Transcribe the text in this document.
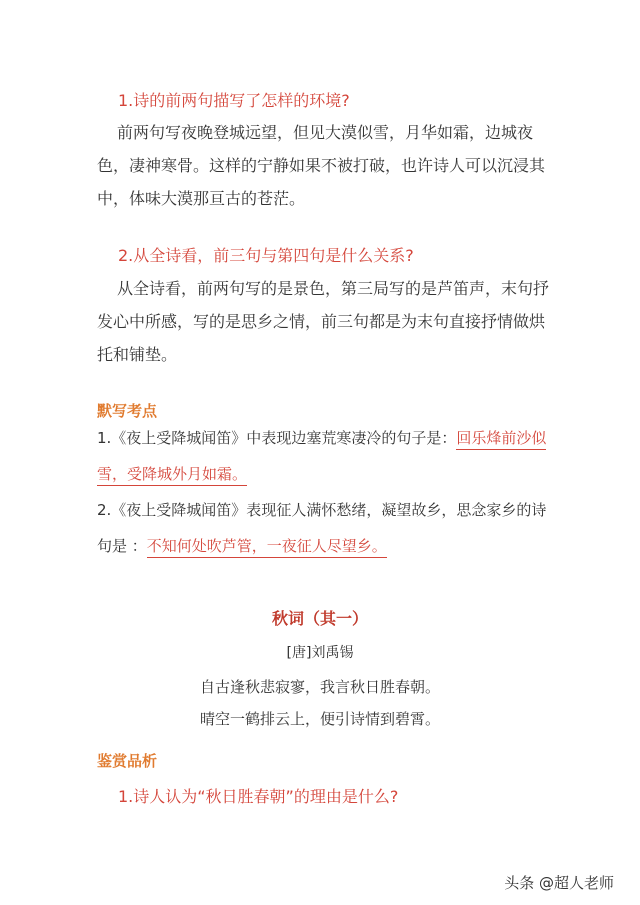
1.诗的前两句描写了怎样的环境?

前两句写夜晚登城远望，但见大漠似雪，月华如霜，边城夜色，凄神寒骨。这样的宁静如果不被打破，也许诗人可以沉浸其中，体味大漠那亘古的苍茫。

2.从全诗看，前三句与第四句是什么关系?

从全诗看，前两句写的是景色，第三局写的是芦笛声，末句抒发心中所感，写的是思乡之情，前三句都是为末句直接抒情做烘托和铺垫。

默写考点

1.《夜上受降城闻笛》中表现边塞荒寒凄冷的句子是：回乐烽前沙似雪，受降城外月如霜。

2.《夜上受降城闻笛》表现征人满怀愁绪，凝望故乡，思念家乡的诗句是 ：不知何处吹芦管，一夜征人尽望乡。

秋词（其一）
[唐]刘禹锡
自古逢秋悲寂寥，我言秋日胜春朝。
晴空一鹤排云上，便引诗情到碧霄。
鉴赏品析
1.诗人认为“秋日胜春朝”的理由是什么?
头条 @超人老师
